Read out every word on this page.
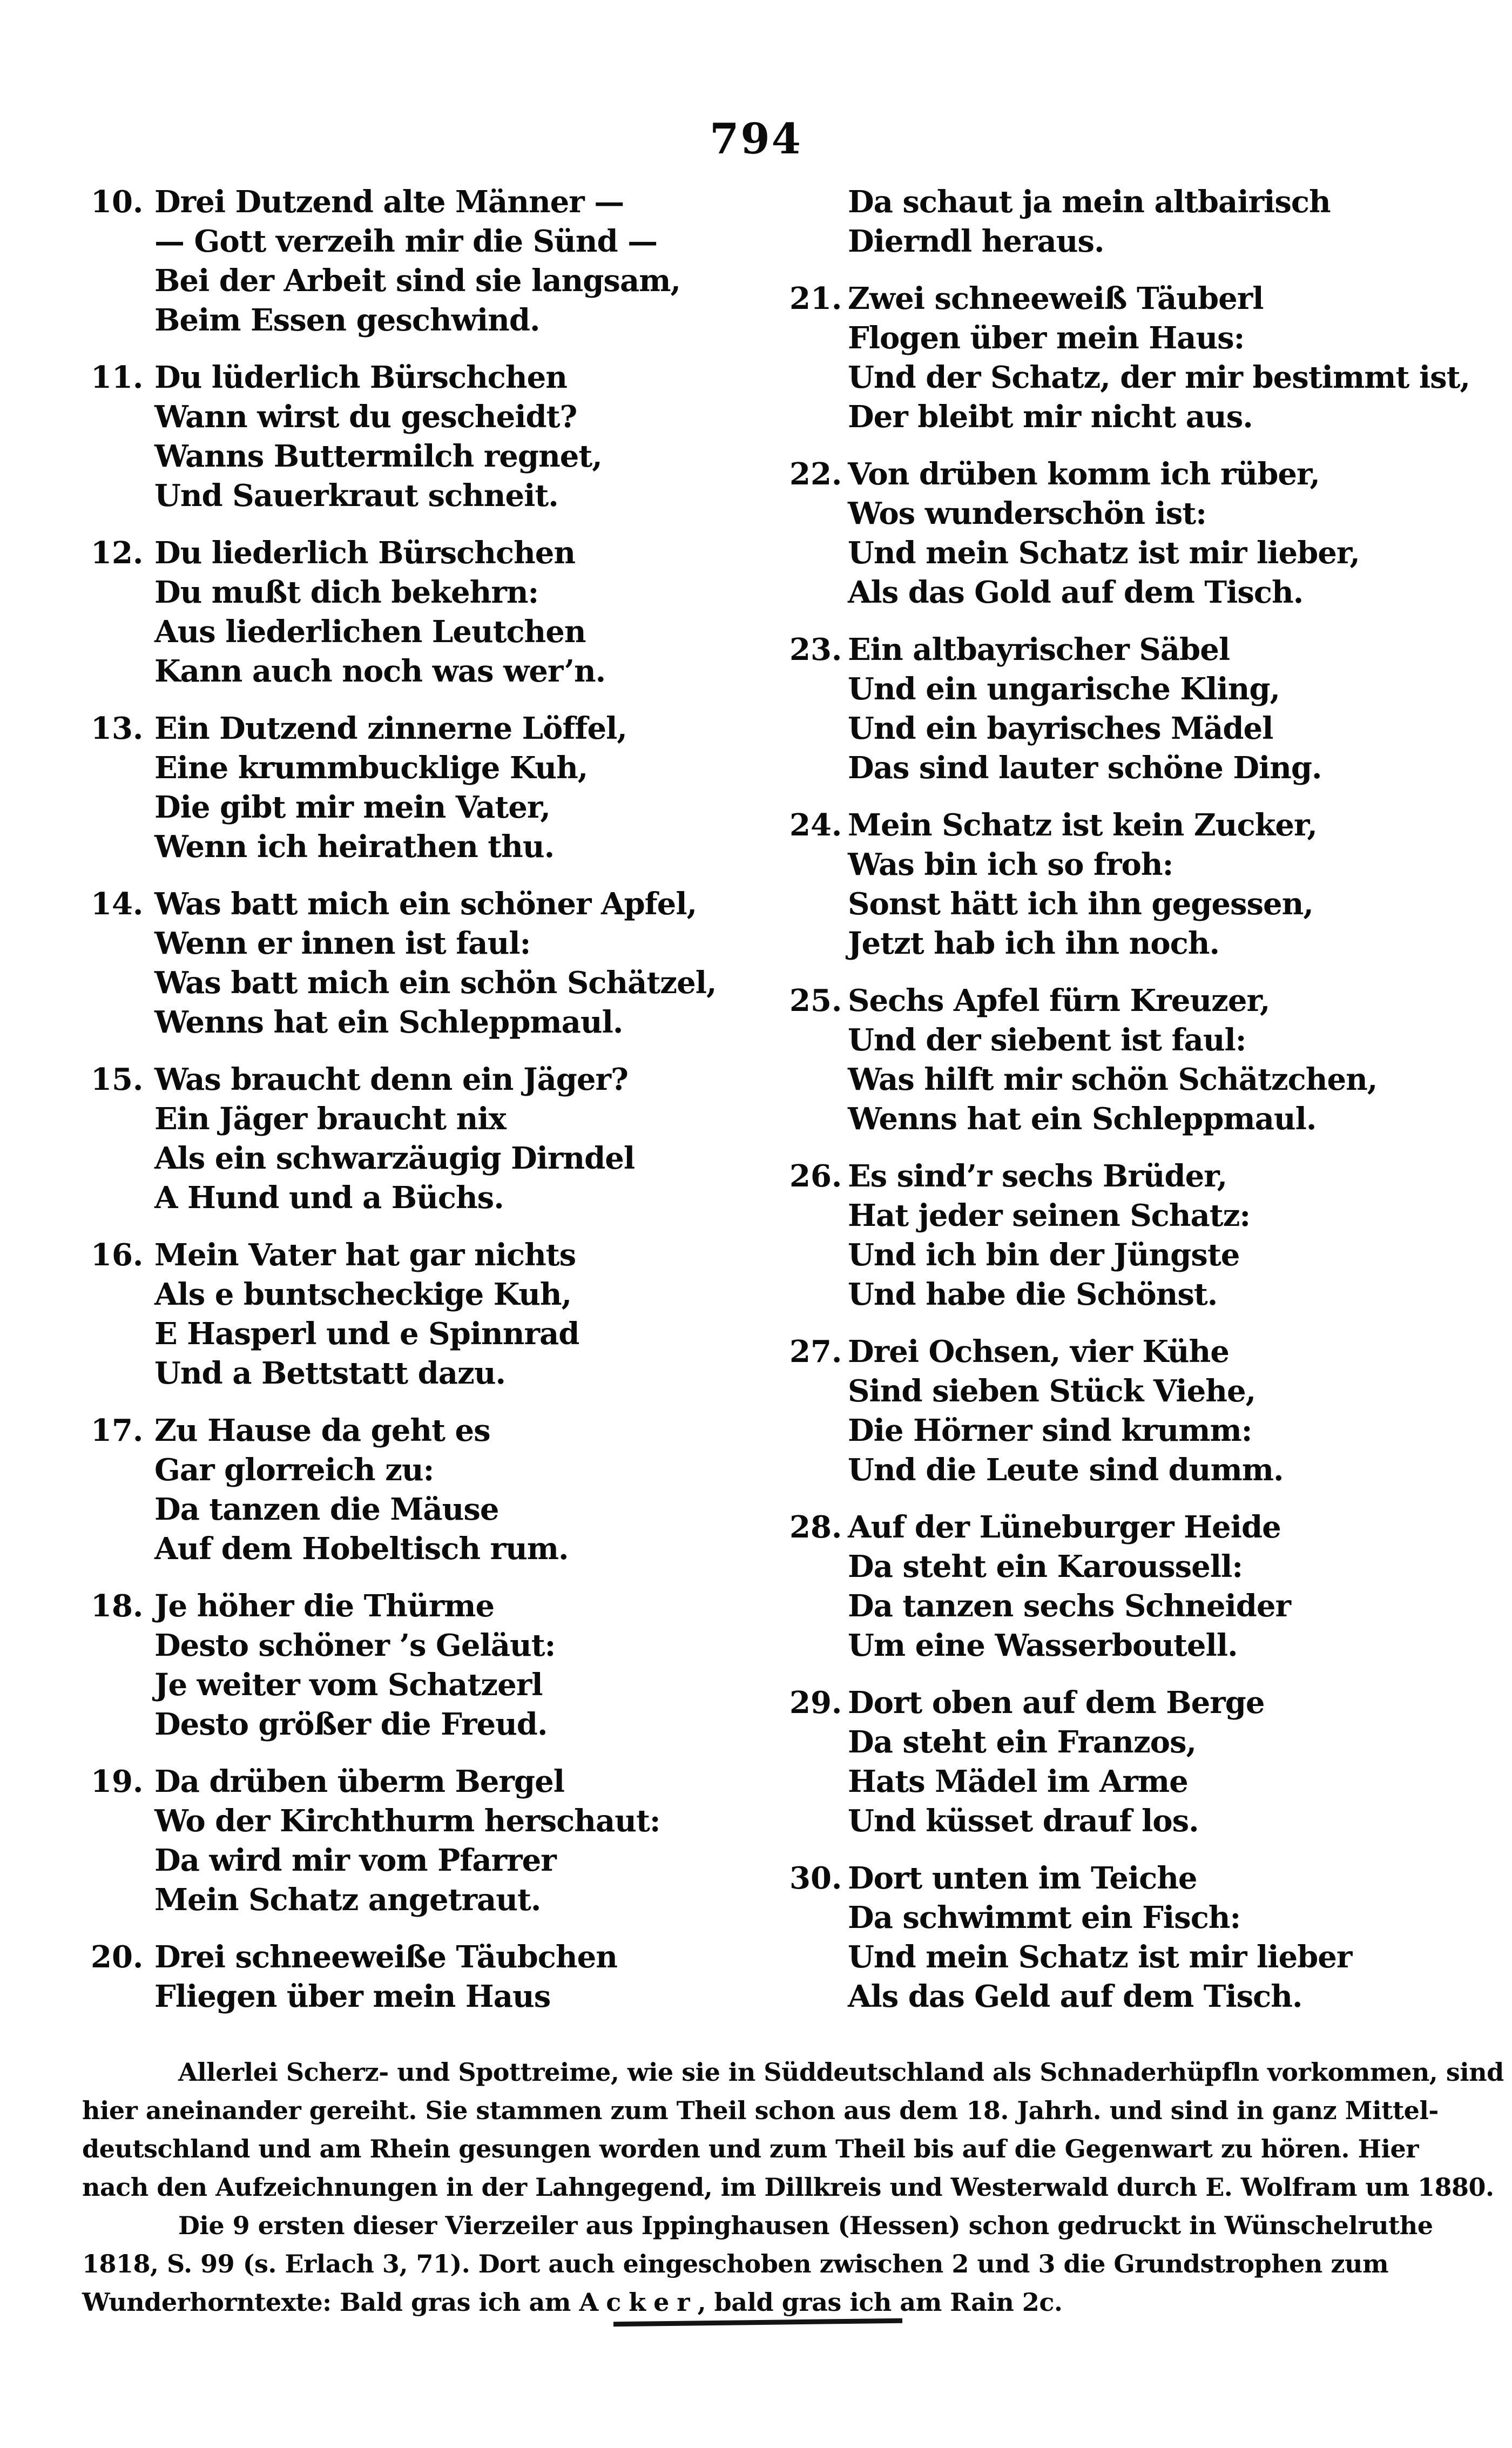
794
10. Drei Dutzend alte Männer —
— Gott verzeih mir die Sünd —
Bei der Arbeit sind sie langsam,
Beim Essen geschwind.
11. Du lüderlich Bürschchen
Wann wirst du gescheidt?
Wanns Buttermilch regnet,
Und Sauerkraut schneit.
12. Du liederlich Bürschchen
Du mußt dich bekehrn:
Aus liederlichen Leutchen
Kann auch noch was wer’n.
13. Ein Dutzend zinnerne Löffel,
Eine krummbucklige Kuh,
Die gibt mir mein Vater,
Wenn ich heirathen thu.
14. Was batt mich ein schöner Apfel,
Wenn er innen ist faul:
Was batt mich ein schön Schätzel,
Wenns hat ein Schleppmaul.
15. Was braucht denn ein Jäger?
Ein Jäger braucht nix
Als ein schwarzäugig Dirndel
A Hund und a Büchs.
16. Mein Vater hat gar nichts
Als e buntscheckige Kuh,
E Hasperl und e Spinnrad
Und a Bettstatt dazu.
17. Zu Hause da geht es
Gar glorreich zu:
Da tanzen die Mäuse
Auf dem Hobeltisch rum.
18. Je höher die Thürme
Desto schöner ’s Geläut:
Je weiter vom Schatzerl
Desto größer die Freud.
19. Da drüben überm Bergel
Wo der Kirchthurm herschaut:
Da wird mir vom Pfarrer
Mein Schatz angetraut.
20. Drei schneeweiße Täubchen
Fliegen über mein Haus
Da schaut ja mein altbairisch
Dierndl heraus.
21. Zwei schneeweiß Täuberl
Flogen über mein Haus:
Und der Schatz, der mir bestimmt ist,
Der bleibt mir nicht aus.
22. Von drüben komm ich rüber,
Wos wunderschön ist:
Und mein Schatz ist mir lieber,
Als das Gold auf dem Tisch.
23. Ein altbayrischer Säbel
Und ein ungarische Kling,
Und ein bayrisches Mädel
Das sind lauter schöne Ding.
24. Mein Schatz ist kein Zucker,
Was bin ich so froh:
Sonst hätt ich ihn gegessen,
Jetzt hab ich ihn noch.
25. Sechs Apfel fürn Kreuzer,
Und der siebent ist faul:
Was hilft mir schön Schätzchen,
Wenns hat ein Schleppmaul.
26. Es sind’r sechs Brüder,
Hat jeder seinen Schatz:
Und ich bin der Jüngste
Und habe die Schönst.
27. Drei Ochsen, vier Kühe
Sind sieben Stück Viehe,
Die Hörner sind krumm:
Und die Leute sind dumm.
28. Auf der Lüneburger Heide
Da steht ein Karoussell:
Da tanzen sechs Schneider
Um eine Wasserboutell.
29. Dort oben auf dem Berge
Da steht ein Franzos,
Hats Mädel im Arme
Und küsset drauf los.
30. Dort unten im Teiche
Da schwimmt ein Fisch:
Und mein Schatz ist mir lieber
Als das Geld auf dem Tisch.
Allerlei Scherz- und Spottreime, wie sie in Süddeutschland als Schnaderhüpfln vorkommen, sind
hier aneinander gereiht. Sie stammen zum Theil schon aus dem 18. Jahrh. und sind in ganz Mittel-
deutschland und am Rhein gesungen worden und zum Theil bis auf die Gegenwart zu hören. Hier
nach den Aufzeichnungen in der Lahngegend, im Dillkreis und Westerwald durch E. Wolfram um 1880.
Die 9 ersten dieser Vierzeiler aus Ippinghausen (Hessen) schon gedruckt in Wünschelruthe
1818, S. 99 (s. Erlach 3, 71). Dort auch eingeschoben zwischen 2 und 3 die Grundstrophen zum
Wunderhorntexte: Bald gras ich am Acker, bald gras ich am Rain 2c.
